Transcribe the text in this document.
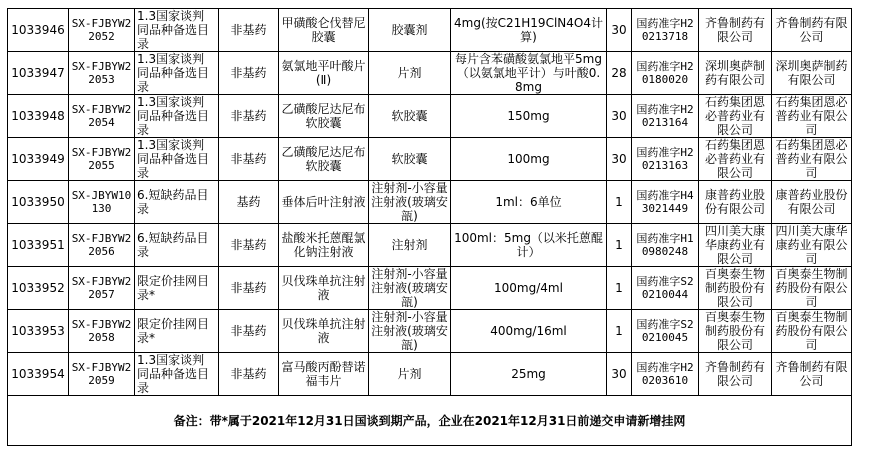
1033946	SX-FJBYW22052	1.3国家谈判同品种备选目录	非基药	甲磺酸仑伐替尼胶囊	胶囊剂	4mg(按C21H19ClN4O4计算)	30	国药准字H20213718	齐鲁制药有限公司	齐鲁制药有限公司

1033947	SX-FJBYW22053	1.3国家谈判同品种备选目录	非基药	氨氯地平叶酸片(Ⅱ)	片剂	每片含苯磺酸氨氯地平5mg（以氨氯地平计）与叶酸0.8mg	28	国药准字H20180020	深圳奥萨制药有限公司	深圳奥萨制药有限公司

1033948	SX-FJBYW22054	1.3国家谈判同品种备选目录	非基药	乙磺酸尼达尼布软胶囊	软胶囊	150mg	30	国药准字H20213164	石药集团恩必普药业有限公司	石药集团恩必普药业有限公司

1033949	SX-FJBYW22055	1.3国家谈判同品种备选目录	非基药	乙磺酸尼达尼布软胶囊	软胶囊	100mg	30	国药准字H20213163	石药集团恩必普药业有限公司	石药集团恩必普药业有限公司

1033950	SX-JBYW10130	6.短缺药品目录	基药	垂体后叶注射液	注射剂-小容量注射液(玻璃安瓿)	1ml：6单位	1	国药准字H43021449	康普药业股份有限公司	康普药业股份有限公司

1033951	SX-FJBYW22056	6.短缺药品目录	非基药	盐酸米托蒽醌氯化钠注射液	注射剂	100ml：5mg（以米托蒽醌计）	1	国药准字H10980248	四川美大康华康药业有限公司	四川美大康华康药业有限公司

1033952	SX-FJBYW22057	限定价挂网目录*	非基药	贝伐珠单抗注射液	注射剂-小容量注射液(玻璃安瓿)	100mg/4ml	1	国药准字S20210044	百奥泰生物制药股份有限公司	百奥泰生物制药股份有限公司

1033953	SX-FJBYW22058	限定价挂网目录*	非基药	贝伐珠单抗注射液	注射剂-小容量注射液(玻璃安瓿)	400mg/16ml	1	国药准字S20210045	百奥泰生物制药股份有限公司	百奥泰生物制药股份有限公司

1033954	SX-FJBYW22059	1.3国家谈判同品种备选目录	非基药	富马酸丙酚替诺福韦片	片剂	25mg	30	国药准字H20203610	齐鲁制药有限公司	齐鲁制药有限公司

备注：带*属于2021年12月31日国谈到期产品，企业在2021年12月31日前递交申请新增挂网										
